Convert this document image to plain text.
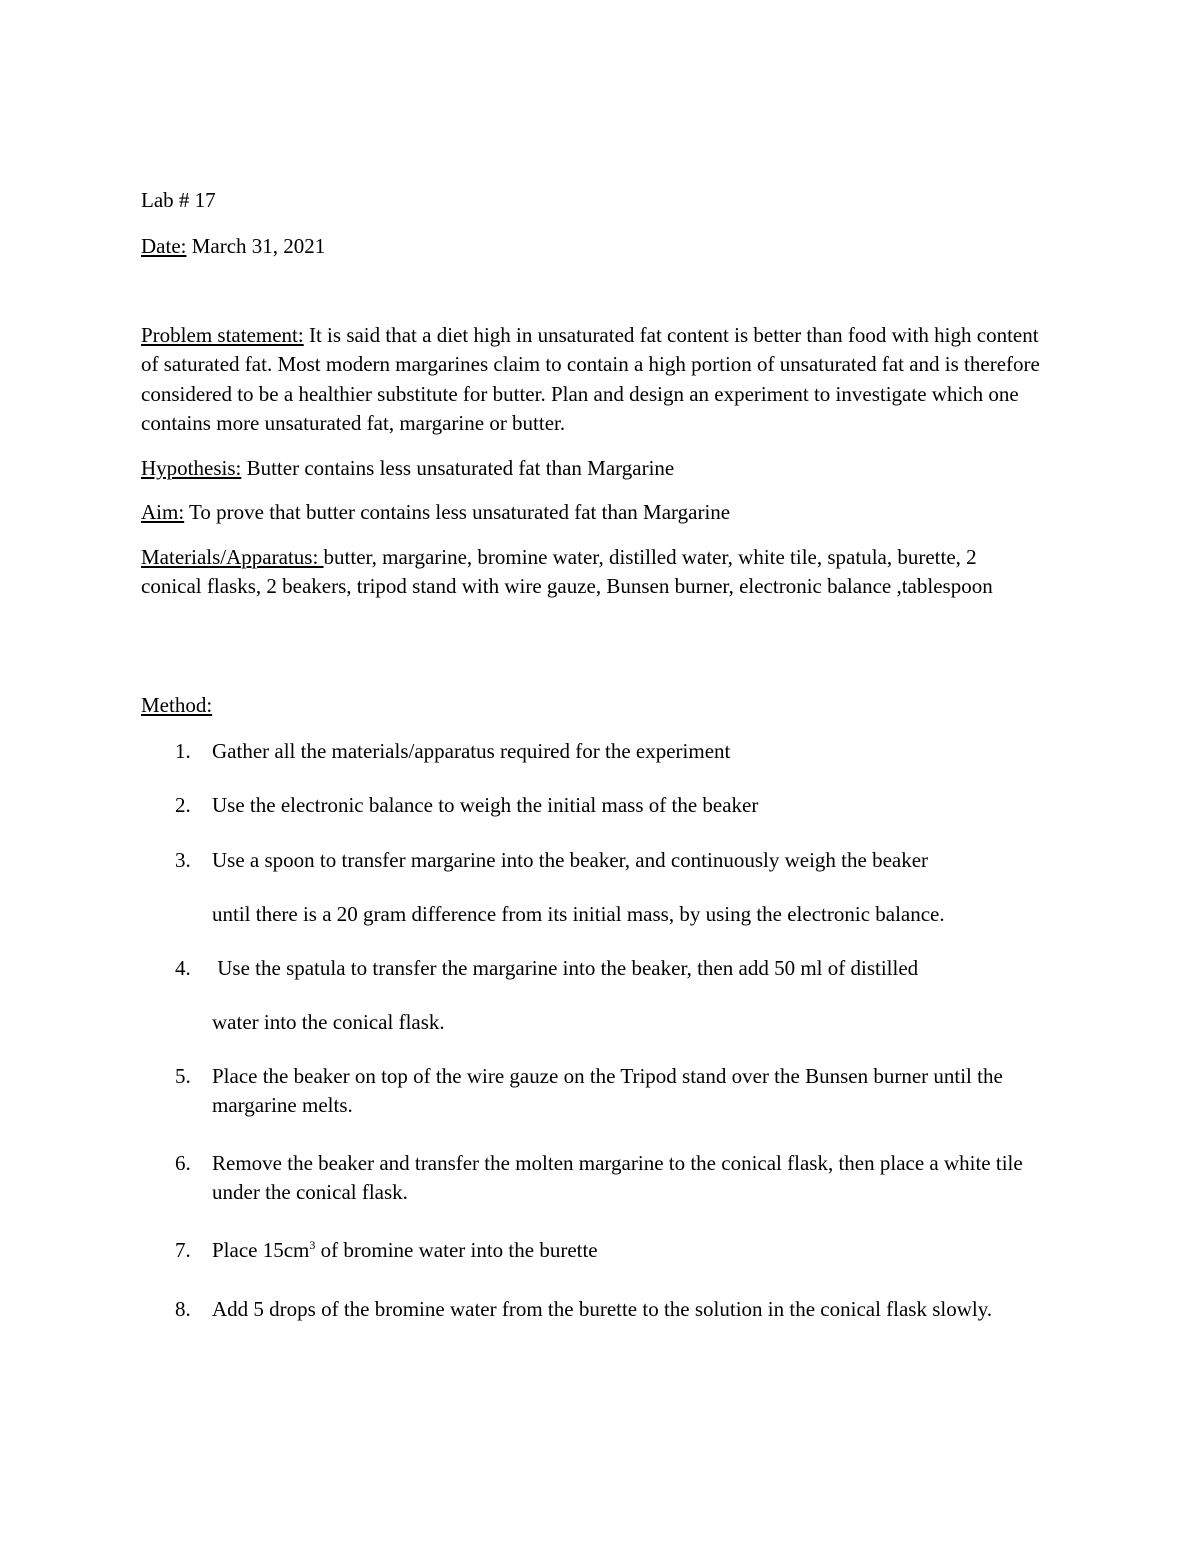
Lab # 17
Date: March 31, 2021
Problem statement: It is said that a diet high in unsaturated fat content is better than food with high content of saturated fat. Most modern margarines claim to contain a high portion of unsaturated fat and is therefore considered to be a healthier substitute for butter. Plan and design an experiment to investigate which one contains more unsaturated fat, margarine or butter.
Hypothesis: Butter contains less unsaturated fat than Margarine
Aim: To prove that butter contains less unsaturated fat than Margarine
Materials/Apparatus: butter, margarine, bromine water, distilled water, white tile, spatula, burette, 2 conical flasks, 2 beakers, tripod stand with wire gauze, Bunsen burner, electronic balance ,tablespoon
Method:
1. Gather all the materials/apparatus required for the experiment
2. Use the electronic balance to weigh the initial mass of the beaker
3. Use a spoon to transfer margarine into the beaker, and continuously weigh the beaker
until there is a 20 gram difference from its initial mass, by using the electronic balance.
4. Use the spatula to transfer the margarine into the beaker, then add 50 ml of distilled
water into the conical flask.
5. Place the beaker on top of the wire gauze on the Tripod stand over the Bunsen burner until the margarine melts.
6. Remove the beaker and transfer the molten margarine to the conical flask, then place a white tile under the conical flask.
7. Place $15cm^3$ of bromine water into the burette
8. Add 5 drops of the bromine water from the burette to the solution in the conical flask slowly.
